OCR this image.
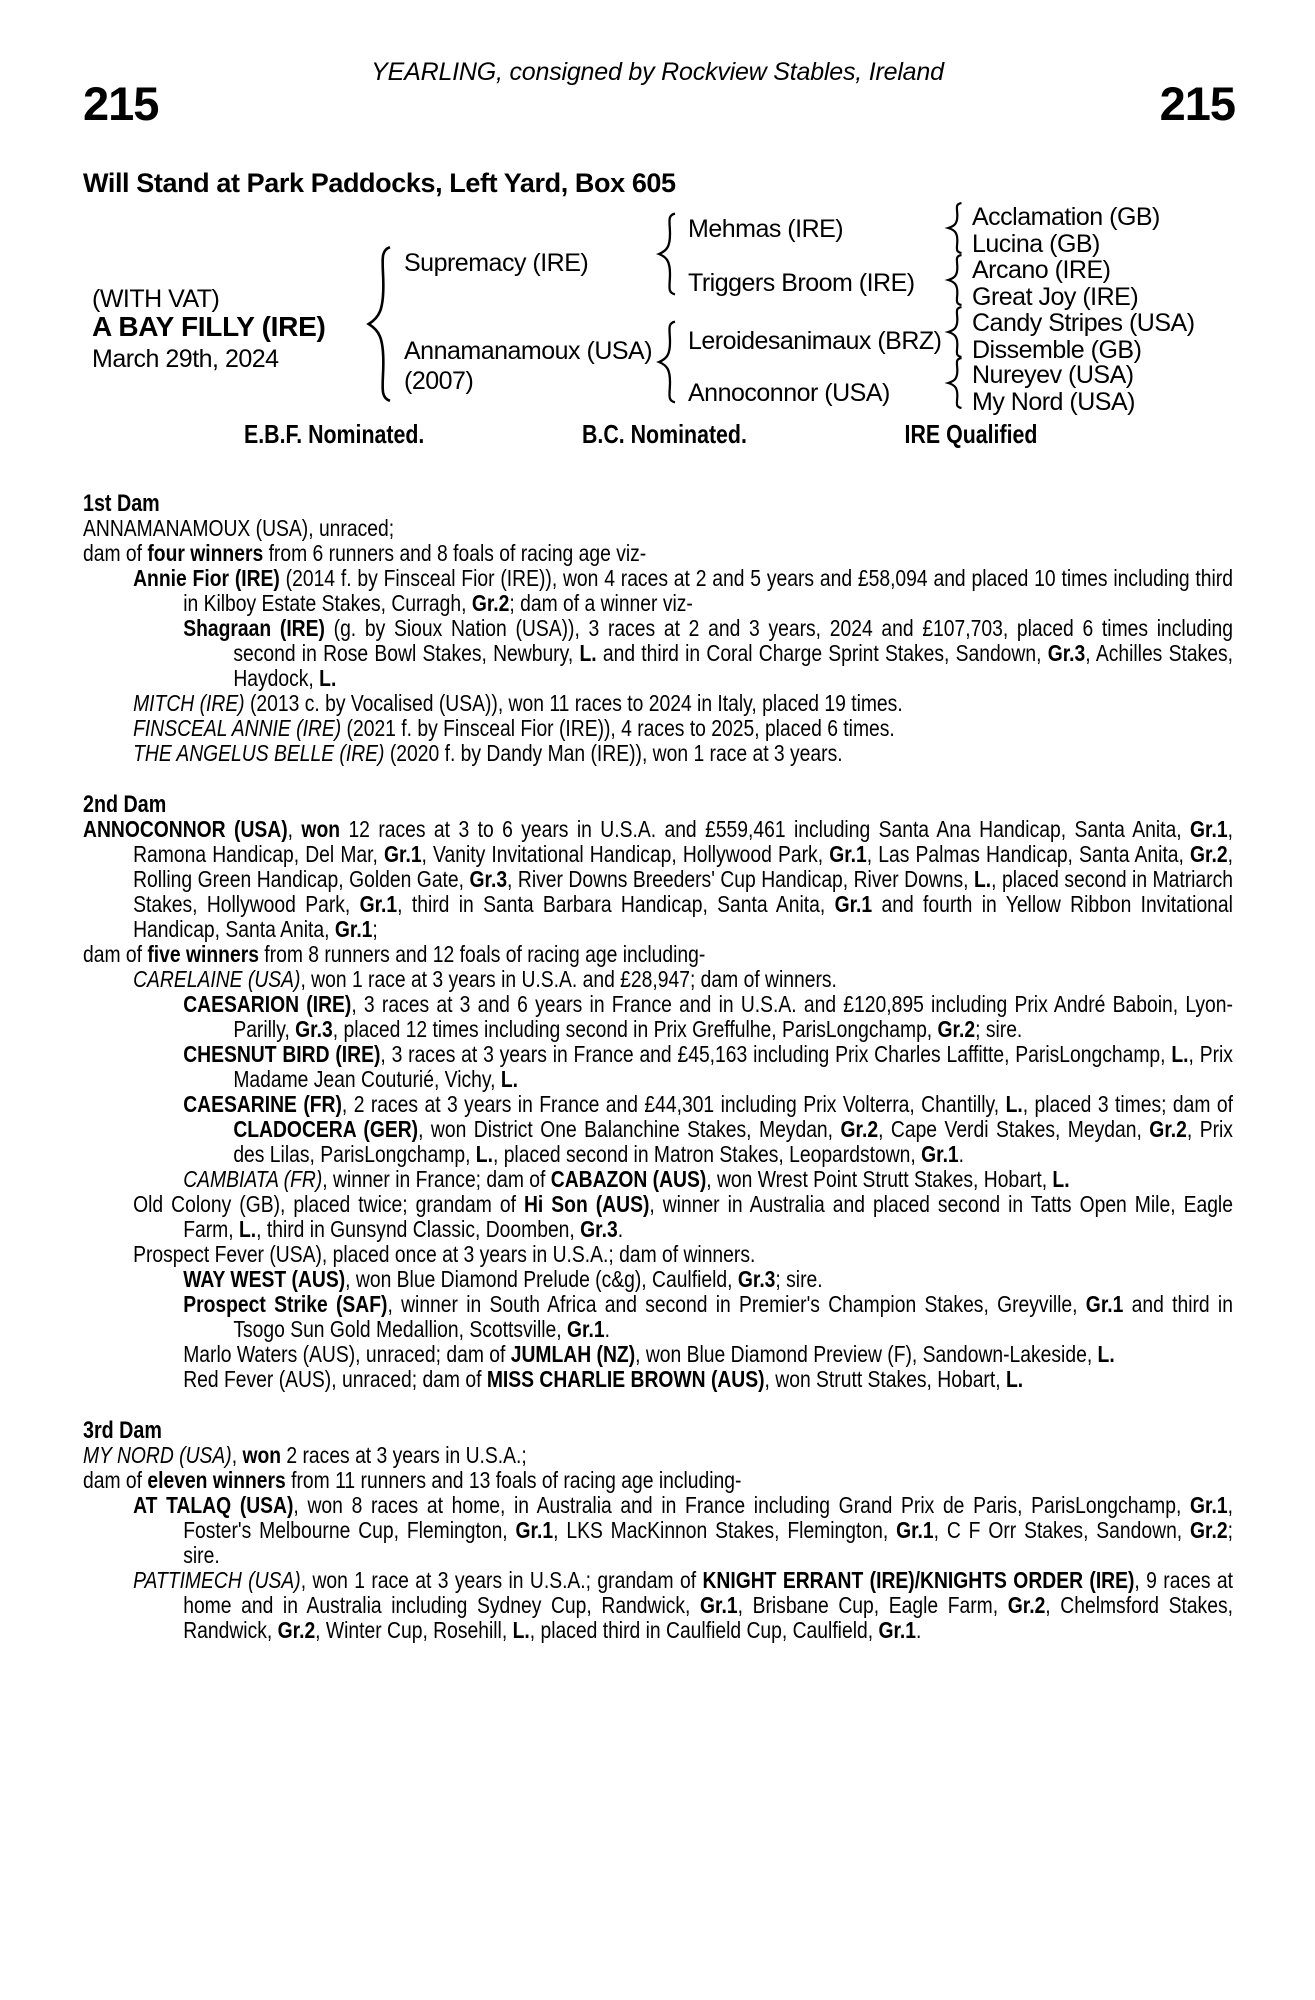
YEARLING, consigned by Rockview Stables, Ireland
215	215
Will Stand at Park Paddocks, Left Yard, Box 605
(WITH VAT)
A BAY FILLY (IRE)
March 29th, 2024
Supremacy (IRE)
Annamanamoux (USA)
(2007)
Mehmas (IRE)
Triggers Broom (IRE)
Leroidesanimaux (BRZ)
Annoconnor (USA)
Acclamation (GB)
Lucina (GB)
Arcano (IRE)
Great Joy (IRE)
Candy Stripes (USA)
Dissemble (GB)
Nureyev (USA)
My Nord (USA)
E.B.F. Nominated.	B.C. Nominated.	IRE Qualified
1st Dam

ANNAMANAMOUX (USA), unraced;

dam of four winners from 6 runners and 8 foals of racing age viz-

Annie Fior (IRE) (2014 f. by Finsceal Fior (IRE)), won 4 races at 2 and 5 years and £58,094 and placed 10 times including third in Kilboy Estate Stakes, Curragh, Gr.2; dam of a winner viz-

Shagraan (IRE) (g. by Sioux Nation (USA)), 3 races at 2 and 3 years, 2024 and £107,703, placed 6 times including second in Rose Bowl Stakes, Newbury, L. and third in Coral Charge Sprint Stakes, Sandown, Gr.3, Achilles Stakes, Haydock, L.

MITCH (IRE) (2013 c. by Vocalised (USA)), won 11 races to 2024 in Italy, placed 19 times.

FINSCEAL ANNIE (IRE) (2021 f. by Finsceal Fior (IRE)), 4 races to 2025, placed 6 times.

THE ANGELUS BELLE (IRE) (2020 f. by Dandy Man (IRE)), won 1 race at 3 years.

2nd Dam

ANNOCONNOR (USA), won 12 races at 3 to 6 years in U.S.A. and £559,461 including Santa Ana Handicap, Santa Anita, Gr.1, Ramona Handicap, Del Mar, Gr.1, Vanity Invitational Handicap, Hollywood Park, Gr.1, Las Palmas Handicap, Santa Anita, Gr.2, Rolling Green Handicap, Golden Gate, Gr.3, River Downs Breeders' Cup Handicap, River Downs, L., placed second in Matriarch Stakes, Hollywood Park, Gr.1, third in Santa Barbara Handicap, Santa Anita, Gr.1 and fourth in Yellow Ribbon Invitational Handicap, Santa Anita, Gr.1;

dam of five winners from 8 runners and 12 foals of racing age including-

CARELAINE (USA), won 1 race at 3 years in U.S.A. and £28,947; dam of winners.

CAESARION (IRE), 3 races at 3 and 6 years in France and in U.S.A. and £120,895 including Prix André Baboin, Lyon-Parilly, Gr.3, placed 12 times including second in Prix Greffulhe, ParisLongchamp, Gr.2; sire.

CHESNUT BIRD (IRE), 3 races at 3 years in France and £45,163 including Prix Charles Laffitte, ParisLongchamp, L., Prix Madame Jean Couturié, Vichy, L.

CAESARINE (FR), 2 races at 3 years in France and £44,301 including Prix Volterra, Chantilly, L., placed 3 times; dam of CLADOCERA (GER), won District One Balanchine Stakes, Meydan, Gr.2, Cape Verdi Stakes, Meydan, Gr.2, Prix des Lilas, ParisLongchamp, L., placed second in Matron Stakes, Leopardstown, Gr.1.

CAMBIATA (FR), winner in France; dam of CABAZON (AUS), won Wrest Point Strutt Stakes, Hobart, L.

Old Colony (GB), placed twice; grandam of Hi Son (AUS), winner in Australia and placed second in Tatts Open Mile, Eagle Farm, L., third in Gunsynd Classic, Doomben, Gr.3.

Prospect Fever (USA), placed once at 3 years in U.S.A.; dam of winners.

WAY WEST (AUS), won Blue Diamond Prelude (c&g), Caulfield, Gr.3; sire.

Prospect Strike (SAF), winner in South Africa and second in Premier's Champion Stakes, Greyville, Gr.1 and third in Tsogo Sun Gold Medallion, Scottsville, Gr.1.

Marlo Waters (AUS), unraced; dam of JUMLAH (NZ), won Blue Diamond Preview (F), Sandown-Lakeside, L.

Red Fever (AUS), unraced; dam of MISS CHARLIE BROWN (AUS), won Strutt Stakes, Hobart, L.

3rd Dam

MY NORD (USA), won 2 races at 3 years in U.S.A.;

dam of eleven winners from 11 runners and 13 foals of racing age including-

AT TALAQ (USA), won 8 races at home, in Australia and in France including Grand Prix de Paris, ParisLongchamp, Gr.1, Foster's Melbourne Cup, Flemington, Gr.1, LKS MacKinnon Stakes, Flemington, Gr.1, C F Orr Stakes, Sandown, Gr.2; sire.

PATTIMECH (USA), won 1 race at 3 years in U.S.A.; grandam of KNIGHT ERRANT (IRE)/KNIGHTS ORDER (IRE), 9 races at home and in Australia including Sydney Cup, Randwick, Gr.1, Brisbane Cup, Eagle Farm, Gr.2, Chelmsford Stakes, Randwick, Gr.2, Winter Cup, Rosehill, L., placed third in Caulfield Cup, Caulfield, Gr.1.
